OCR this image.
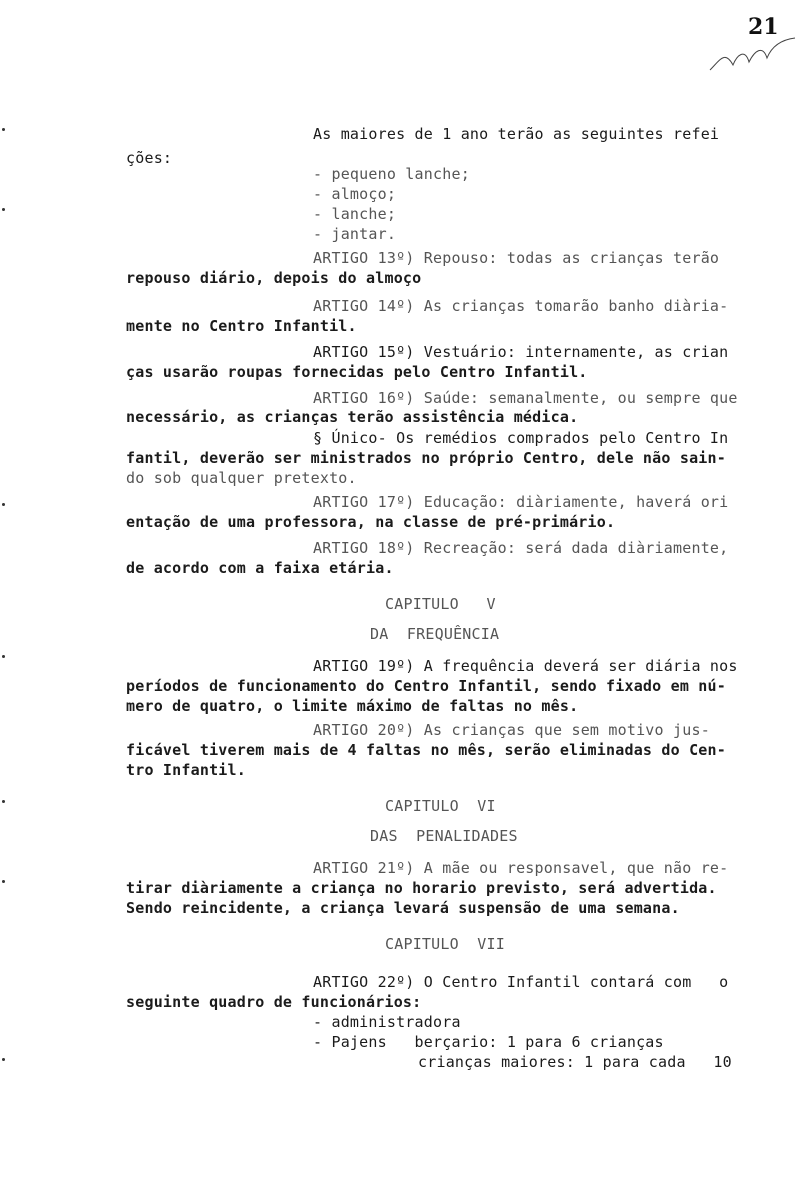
21
As maiores de 1 ano terão as seguintes refei
ções:
- pequeno lanche;
- almoço;
- lanche;
- jantar.
ARTIGO 13º) Repouso: todas as crianças terão
repouso diário, depois do almoço
ARTIGO 14º) As crianças tomarão banho diària-
mente no Centro Infantil.
ARTIGO 15º) Vestuário: internamente, as crian
ças usarão roupas fornecidas pelo Centro Infantil.
ARTIGO 16º) Saúde: semanalmente, ou sempre que
necessário, as crianças terão assistência médica.
§ Único- Os remédios comprados pelo Centro In
fantil, deverão ser ministrados no próprio Centro, dele não sain-
do sob qualquer pretexto.
ARTIGO 17º) Educação: diàriamente, haverá ori
entação de uma professora, na classe de pré-primário.
ARTIGO 18º) Recreação: será dada diàriamente,
de acordo com a faixa etária.
CAPITULO   V
DA  FREQUÊNCIA
ARTIGO 19º) A frequência deverá ser diária nos
períodos de funcionamento do Centro Infantil, sendo fixado em nú-
mero de quatro, o limite máximo de faltas no mês.
ARTIGO 20º) As crianças que sem motivo jus-
ficável tiverem mais de 4 faltas no mês, serão eliminadas do Cen-
tro Infantil.
CAPITULO  VI
DAS  PENALIDADES
ARTIGO 21º) A mãe ou responsavel, que não re-
tirar diàriamente a criança no horario previsto, será advertida.
Sendo reincidente, a criança levará suspensão de uma semana.
CAPITULO  VII
ARTIGO 22º) O Centro Infantil contará com   o
seguinte quadro de funcionários:
- administradora
- Pajens   berçario: 1 para 6 crianças
crianças maiores: 1 para cada   10
